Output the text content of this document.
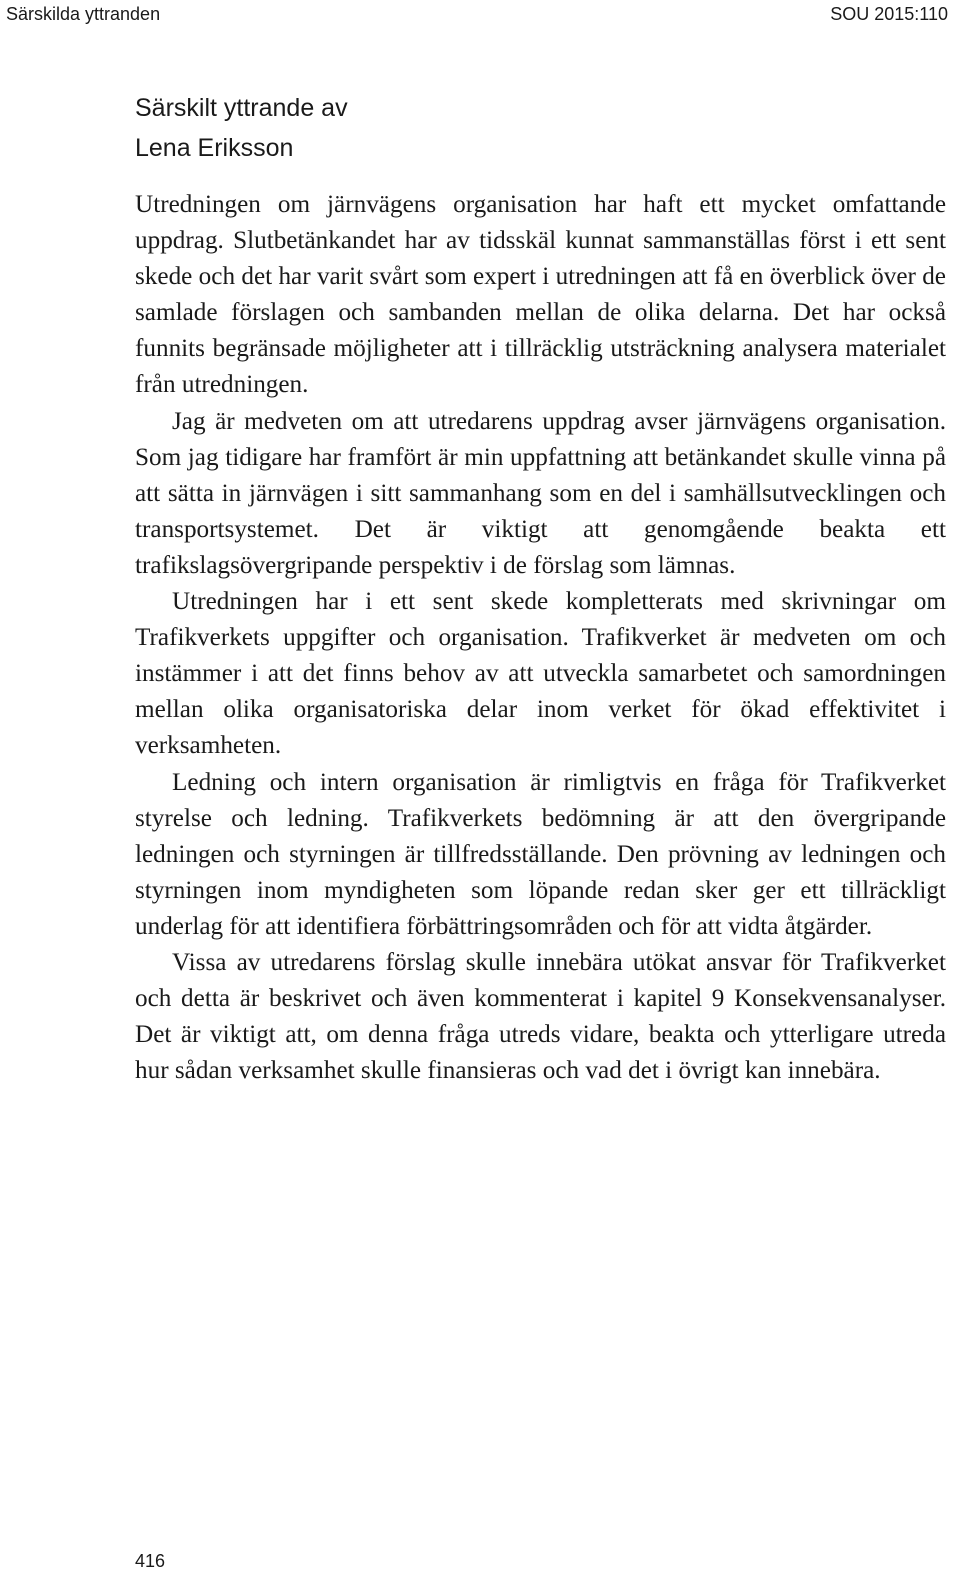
Särskilda yttranden	SOU 2015:110
Särskilt yttrande av
Lena Eriksson

Utredningen om järnvägens organisation har haft ett mycket omfattande uppdrag. Slutbetänkandet har av tidsskäl kunnat sammanställas först i ett sent skede och det har varit svårt som expert i utredningen att få en överblick över de samlade förslagen och sambanden mellan de olika delarna. Det har också funnits begränsade möjligheter att i tillräcklig utsträckning analysera materialet från utredningen.

Jag är medveten om att utredarens uppdrag avser järnvägens organisation. Som jag tidigare har framfört är min uppfattning att betänkandet skulle vinna på att sätta in järnvägen i sitt sammanhang som en del i samhällsutvecklingen och transportsystemet. Det är viktigt att genomgående beakta ett trafikslagsövergripande perspektiv i de förslag som lämnas.

Utredningen har i ett sent skede kompletterats med skrivningar om Trafikverkets uppgifter och organisation. Trafikverket är medveten om och instämmer i att det finns behov av att utveckla samarbetet och samordningen mellan olika organisatoriska delar inom verket för ökad effektivitet i verksamheten.

Ledning och intern organisation är rimligtvis en fråga för Trafikverket styrelse och ledning. Trafikverkets bedömning är att den övergripande ledningen och styrningen är tillfredsställande. Den prövning av ledningen och styrningen inom myndigheten som löpande redan sker ger ett tillräckligt underlag för att identifiera förbättringsområden och för att vidta åtgärder.

Vissa av utredarens förslag skulle innebära utökat ansvar för Trafikverket och detta är beskrivet och även kommenterat i kapitel 9 Konsekvensanalyser. Det är viktigt att, om denna fråga utreds vidare, beakta och ytterligare utreda hur sådan verksamhet skulle finansieras och vad det i övrigt kan innebära.

416
